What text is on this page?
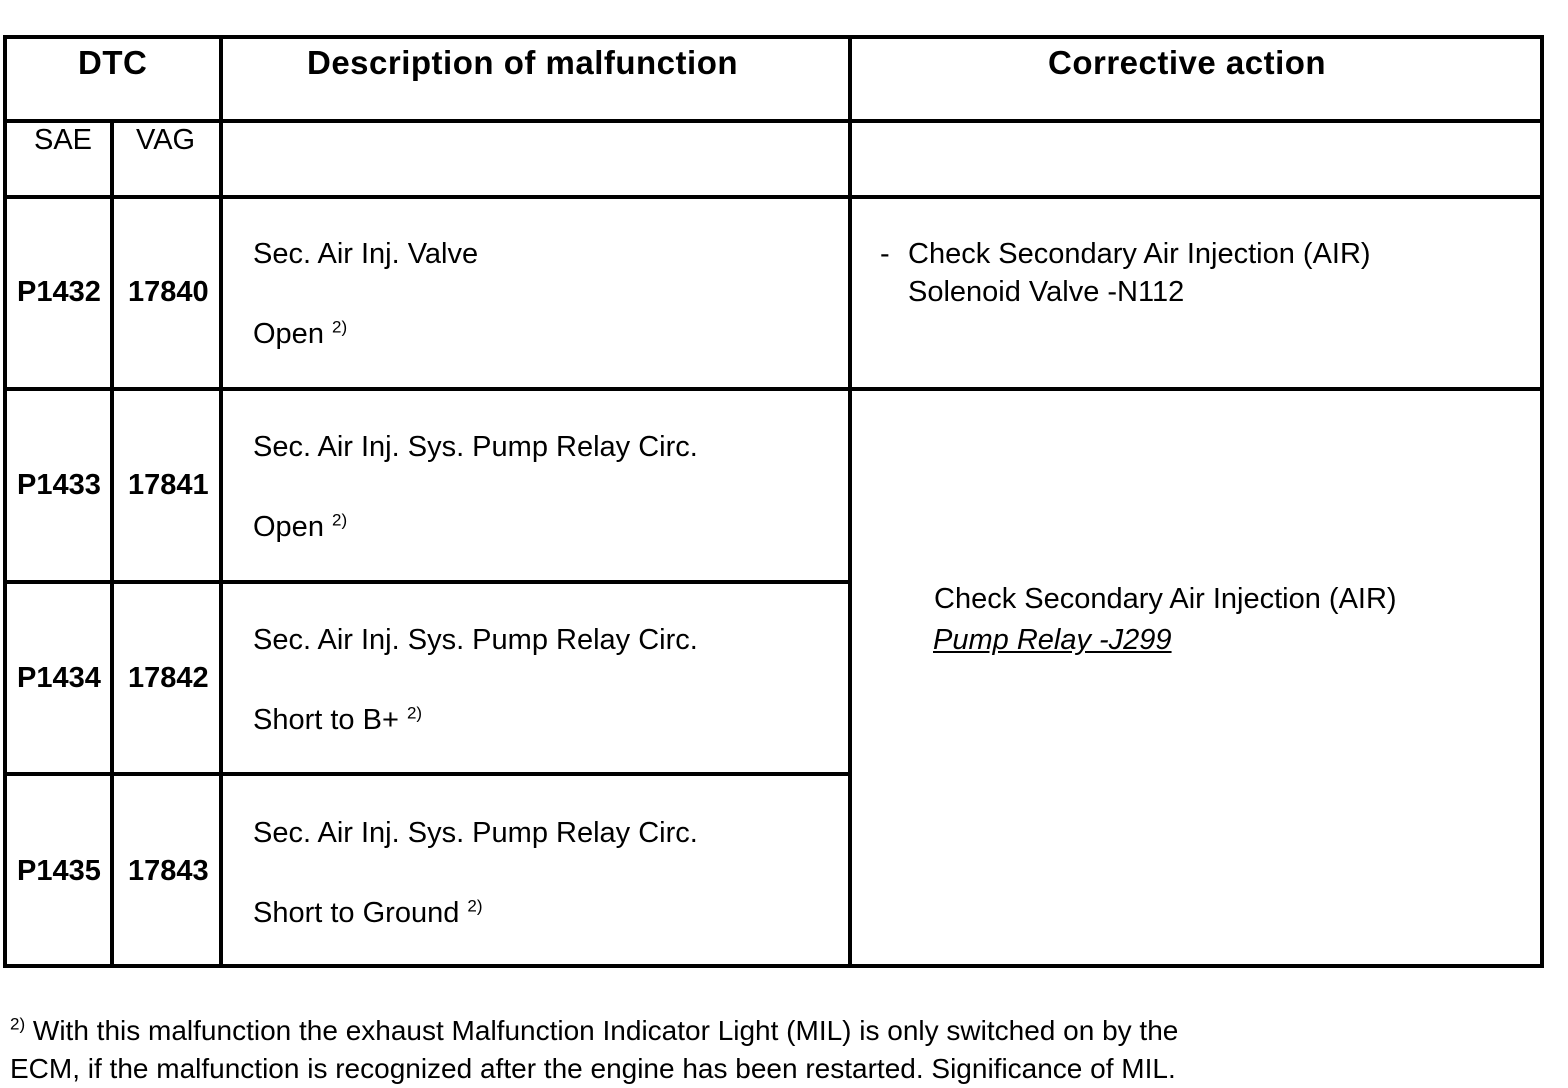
DTC	Description of malfunction	Corrective action
SAE VAG
P1432 17840
Sec. Air Inj. Valve
Open $^{2)}$
P1433 17841
Sec. Air Inj. Sys. Pump Relay Circ.
Open $^{2)}$
P1434 17842
Sec. Air Inj. Sys. Pump Relay Circ.
Short to B+ $^{2)}$
P1435 17843
Sec. Air Inj. Sys. Pump Relay Circ.
Short to Ground $^{2)}$
- Check Secondary Air Injection (AIR)
Solenoid Valve -N112
Check Secondary Air Injection (AIR)
Pump Relay -J299
$^{2)}$ With this malfunction the exhaust Malfunction Indicator Light (MIL) is only switched on by the
ECM, if the malfunction is recognized after the engine has been restarted. Significance of MIL.
